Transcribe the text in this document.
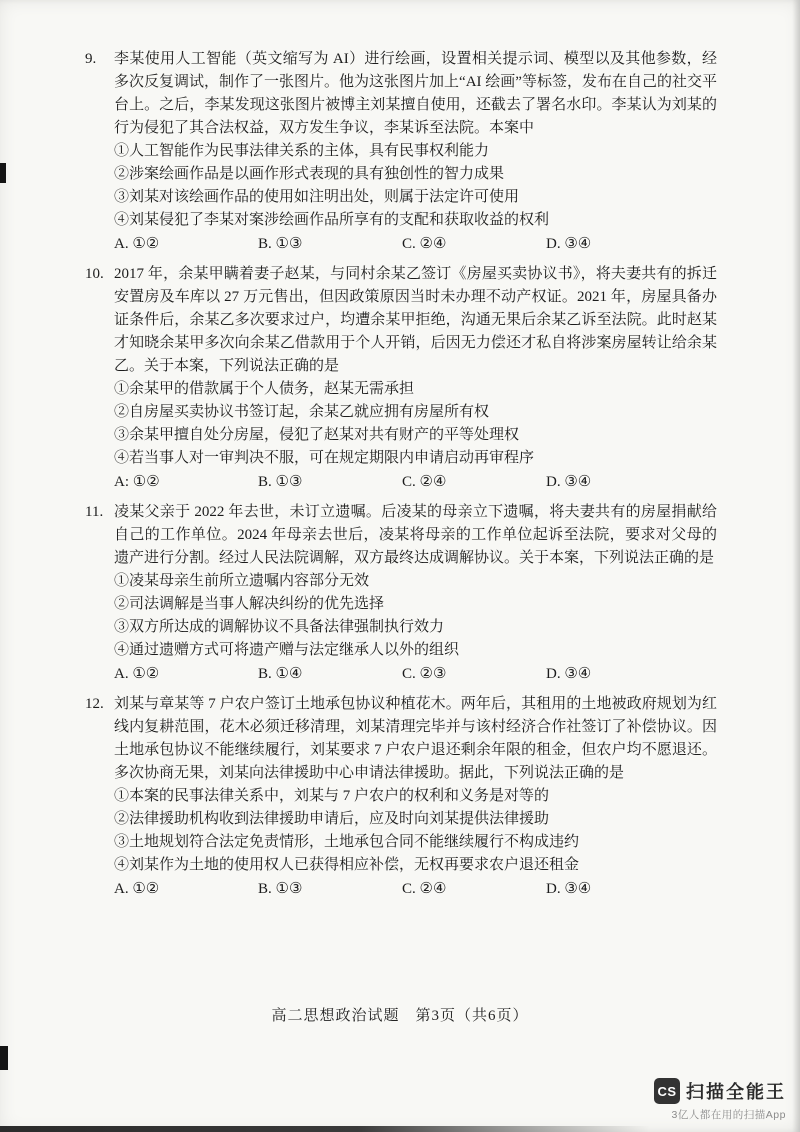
9.	李某使用人工智能（英文缩写为 AI）进行绘画，设置相关提示词、模型以及其他参数，经多次反复调试，制作了一张图片。他为这张图片加上“AI 绘画”等标签，发布在自己的社交平台上。之后，李某发现这张图片被博主刘某擅自使用，还截去了署名水印。李某认为刘某的行为侵犯了其合法权益，双方发生争议，李某诉至法院。本案中
①人工智能作为民事法律关系的主体，具有民事权利能力
②涉案绘画作品是以画作形式表现的具有独创性的智力成果
③刘某对该绘画作品的使用如注明出处，则属于法定许可使用
④刘某侵犯了李某对案涉绘画作品所享有的支配和获取收益的权利
A. ①②	B. ①③	C. ②④	D. ③④
10. 2017 年，余某甲瞒着妻子赵某，与同村余某乙签订《房屋买卖协议书》，将夫妻共有的拆迁安置房及车库以 27 万元售出，但因政策原因当时未办理不动产权证。2021 年，房屋具备办证条件后，余某乙多次要求过户，均遭余某甲拒绝，沟通无果后余某乙诉至法院。此时赵某才知晓余某甲多次向余某乙借款用于个人开销，后因无力偿还才私自将涉案房屋转让给余某乙。关于本案，下列说法正确的是
①余某甲的借款属于个人债务，赵某无需承担
②自房屋买卖协议书签订起，余某乙就应拥有房屋所有权
③余某甲擅自处分房屋，侵犯了赵某对共有财产的平等处理权
④若当事人对一审判决不服，可在规定期限内申请启动再审程序
A: ①②	B. ①③	C. ②④	D. ③④
11. 凌某父亲于 2022 年去世，未订立遗嘱。后凌某的母亲立下遗嘱，将夫妻共有的房屋捐献给自己的工作单位。2024 年母亲去世后，凌某将母亲的工作单位起诉至法院，要求对父母的遗产进行分割。经过人民法院调解，双方最终达成调解协议。关于本案，下列说法正确的是
①凌某母亲生前所立遗嘱内容部分无效
②司法调解是当事人解决纠纷的优先选择
③双方所达成的调解协议不具备法律强制执行效力
④通过遗赠方式可将遗产赠与法定继承人以外的组织
A. ①②	B. ①④	C. ②③	D. ③④
12. 刘某与章某等 7 户农户签订土地承包协议种植花木。两年后，其租用的土地被政府规划为红线内复耕范围，花木必须迁移清理，刘某清理完毕并与该村经济合作社签订了补偿协议。因土地承包协议不能继续履行，刘某要求 7 户农户退还剩余年限的租金，但农户均不愿退还。多次协商无果，刘某向法律援助中心申请法律援助。据此，下列说法正确的是
①本案的民事法律关系中，刘某与 7 户农户的权利和义务是对等的
②法律援助机构收到法律援助申请后，应及时向刘某提供法律援助
③土地规划符合法定免责情形，土地承包合同不能继续履行不构成违约
④刘某作为土地的使用权人已获得相应补偿，无权再要求农户退还租金
A. ①②	B. ①③	C. ②④	D. ③④
高二思想政治试题　第3页（共6页）
CS 扫描全能王
3亿人都在用的扫描App
